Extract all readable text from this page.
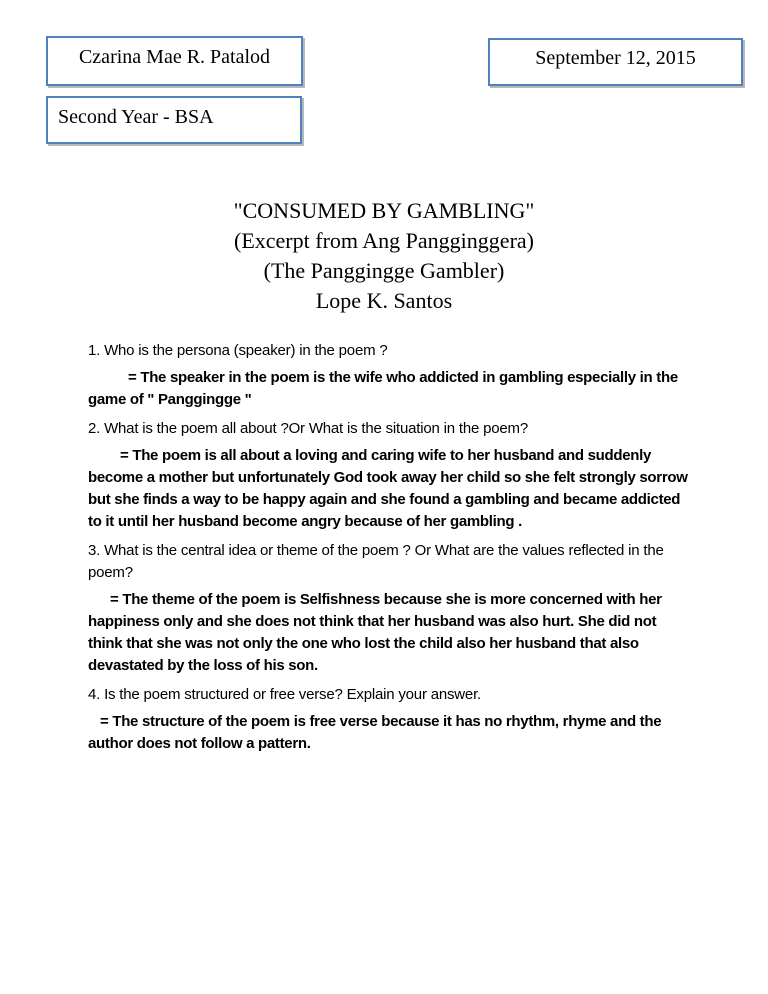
Czarina Mae R. Patalod	September 12, 2015
Second Year - BSA
"CONSUMED BY GAMBLING"
(Excerpt from Ang Pangginggera)
(The Panggingge Gambler)
Lope K. Santos

1. Who is the persona (speaker) in the poem ?

= The speaker in the poem is the wife who addicted in gambling especially in the game of " Panggingge "

2. What is the poem all about ?Or What is the situation in the poem?

= The poem is all about a loving and caring wife to her husband and suddenly become a mother but unfortunately God took away her child so she felt strongly sorrow but she finds a way to be happy again and she found a gambling and became addicted to it until her husband become angry because of her gambling .

3. What is the central idea or theme of the poem ? Or What are the values reflected in the poem?

= The theme of the poem is Selfishness because she is more concerned with her happiness only and she does not think that her husband was also hurt. She did not think that she was not only the one who lost the child also her husband that also devastated by the loss of his son.

4. Is the poem structured or free verse? Explain your answer.

= The structure of the poem is free verse because it has no rhythm, rhyme and the author does not follow a pattern.
